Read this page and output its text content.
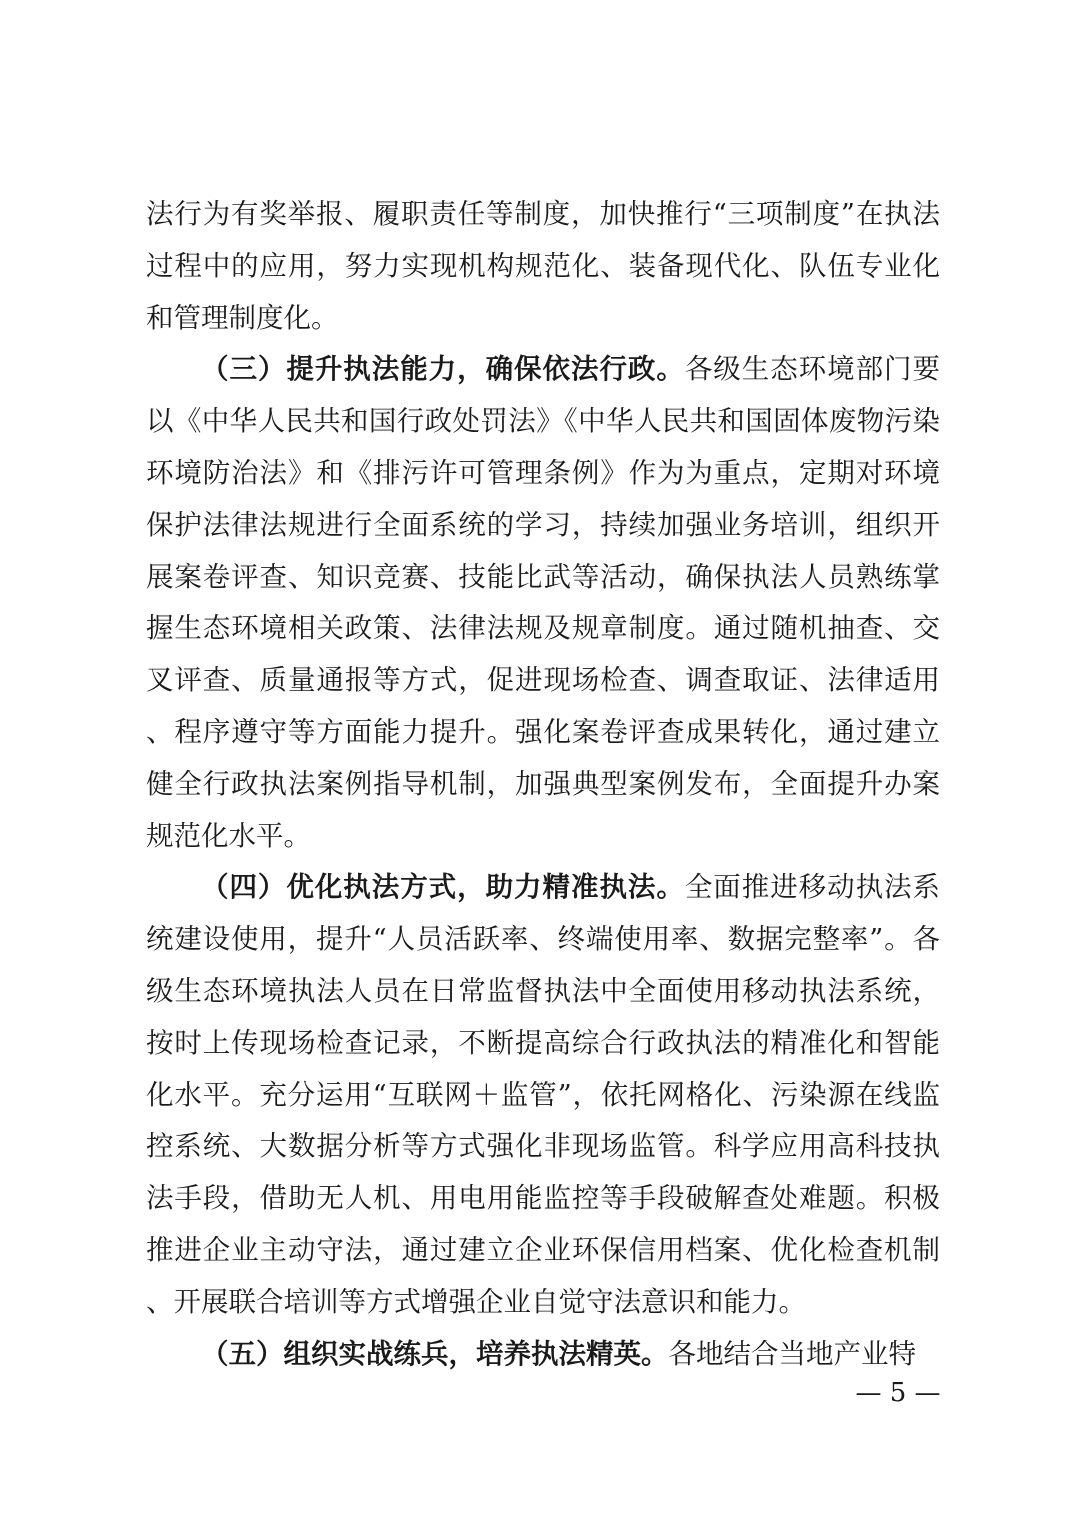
法行为有奖举报、履职责任等制度，加快推行“三项制度”在执法过程中的应用，努力实现机构规范化、装备现代化、队伍专业化和管理制度化。

（三）提升执法能力，确保依法行政。各级生态环境部门要以《中华人民共和国行政处罚法》《中华人民共和国固体废物污染环境防治法》和《排污许可管理条例》作为为重点，定期对环境保护法律法规进行全面系统的学习，持续加强业务培训，组织开展案卷评查、知识竞赛、技能比武等活动，确保执法人员熟练掌握生态环境相关政策、法律法规及规章制度。通过随机抽查、交叉评查、质量通报等方式，促进现场检查、调查取证、法律适用、程序遵守等方面能力提升。强化案卷评查成果转化，通过建立健全行政执法案例指导机制，加强典型案例发布，全面提升办案规范化水平。

（四）优化执法方式，助力精准执法。全面推进移动执法系统建设使用，提升“人员活跃率、终端使用率、数据完整率”。各级生态环境执法人员在日常监督执法中全面使用移动执法系统，按时上传现场检查记录，不断提高综合行政执法的精准化和智能化水平。充分运用“互联网＋监管”，依托网格化、污染源在线监控系统、大数据分析等方式强化非现场监管。科学应用高科技执法手段，借助无人机、用电用能监控等手段破解查处难题。积极推进企业主动守法，通过建立企业环保信用档案、优化检查机制、开展联合培训等方式增强企业自觉守法意识和能力。

（五）组织实战练兵，培养执法精英。各地结合当地产业特

— 5 —
